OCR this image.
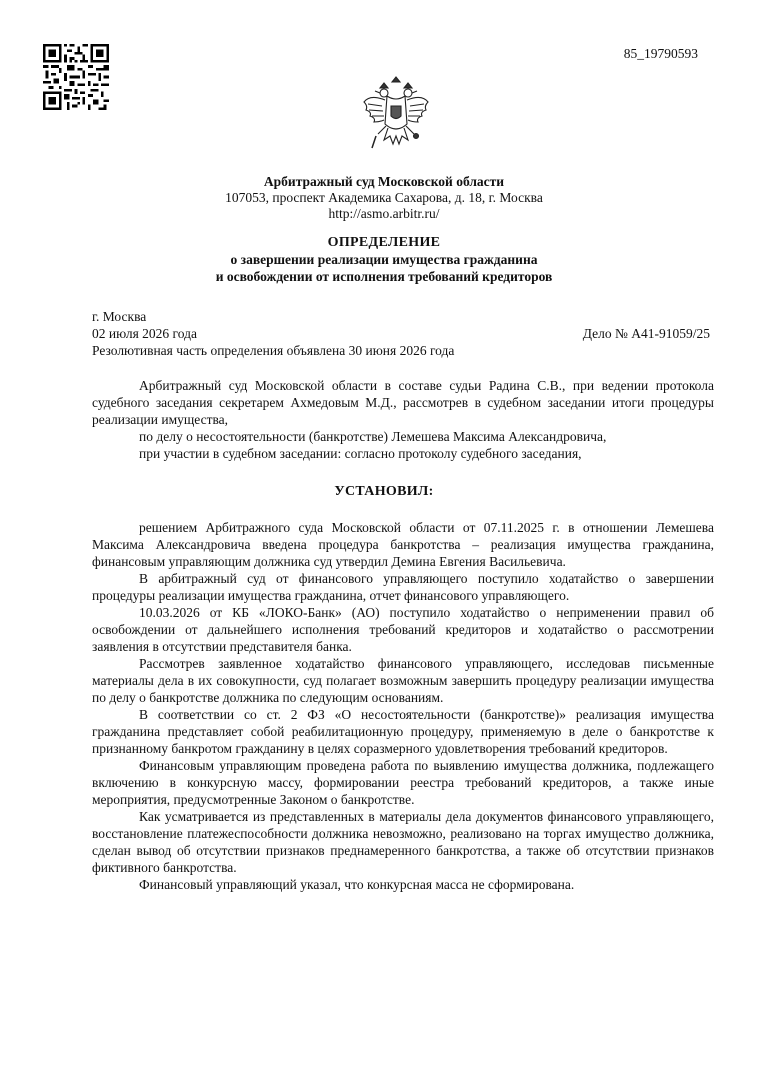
85_19790593
Арбитражный суд Московской области
107053, проспект Академика Сахарова, д. 18, г. Москва
http://asmo.arbitr.ru/
ОПРЕДЕЛЕНИЕ
о завершении реализации имущества гражданина
и освобождении от исполнения требований кредиторов
г. Москва
02 июля 2026 года	Дело № А41-91059/25
Резолютивная часть определения объявлена 30 июня 2026 года

Арбитражный суд Московской области в составе судьи Радина С.В., при ведении протокола судебного заседания секретарем Ахмедовым М.Д., рассмотрев в судебном заседании итоги процедуры реализации имущества,

по делу о несостоятельности (банкротстве) Лемешева Максима Александровича,

при участии в судебном заседании: согласно протоколу судебного заседания,

УСТАНОВИЛ:

решением Арбитражного суда Московской области от 07.11.2025 г. в отношении Лемешева Максима Александровича введена процедура банкротства – реализация имущества гражданина, финансовым управляющим должника суд утвердил Демина Евгения Васильевича.

В арбитражный суд от финансового управляющего поступило ходатайство о завершении процедуры реализации имущества гражданина, отчет финансового управляющего.

10.03.2026 от КБ «ЛОКО-Банк» (АО) поступило ходатайство о неприменении правил об освобождении от дальнейшего исполнения требований кредиторов и ходатайство о рассмотрении заявления в отсутствии представителя банка.

Рассмотрев заявленное ходатайство финансового управляющего, исследовав письменные материалы дела в их совокупности, суд полагает возможным завершить процедуру реализации имущества по делу о банкротстве должника по следующим основаниям.

В соответствии со ст. 2 ФЗ «О несостоятельности (банкротстве)» реализация имущества гражданина представляет собой реабилитационную процедуру, применяемую в деле о банкротстве к признанному банкротом гражданину в целях соразмерного удовлетворения требований кредиторов.

Финансовым управляющим проведена работа по выявлению имущества должника, подлежащего включению в конкурсную массу, формировании реестра требований кредиторов, а также иные мероприятия, предусмотренные Законом о банкротстве.

Как усматривается из представленных в материалы дела документов финансового управляющего, восстановление платежеспособности должника невозможно, реализовано на торгах имущество должника, сделан вывод об отсутствии признаков преднамеренного банкротства, а также об отсутствии признаков фиктивного банкротства.

Финансовый управляющий указал, что конкурсная масса не сформирована.
